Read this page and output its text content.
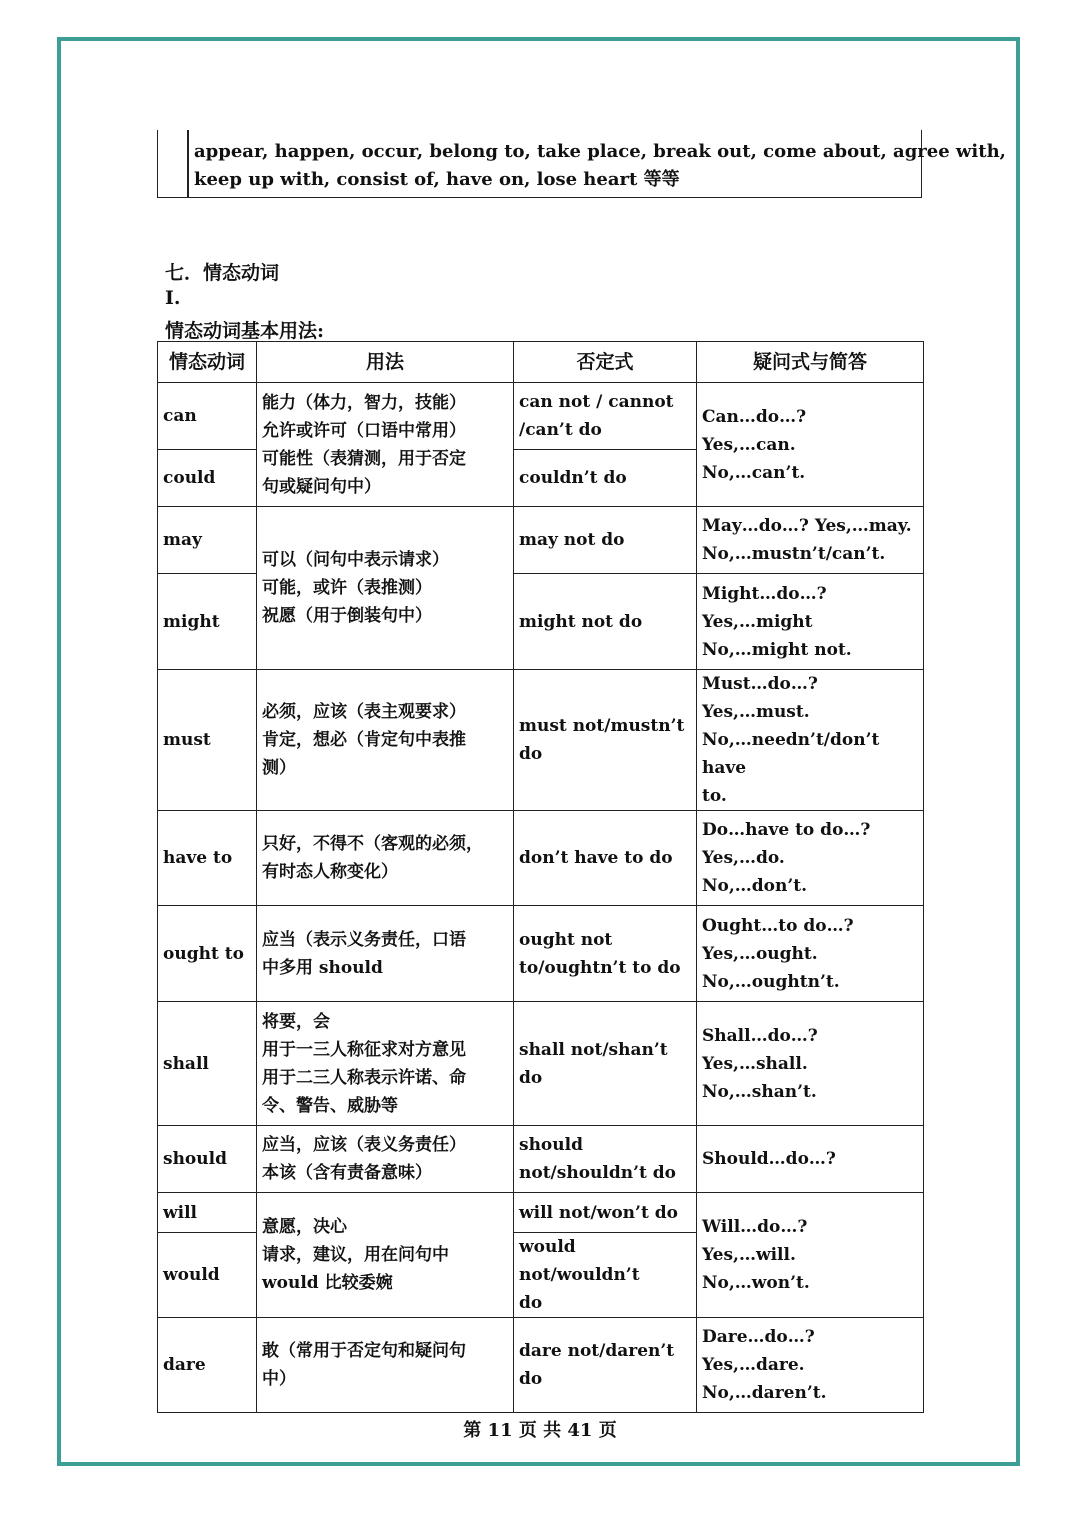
appear, happen, occur, belong to, take place, break out, come about, agree with,
keep up with, consist of, have on, lose heart 等等
七．情态动词
I.
情态动词基本用法:
情态动词	用法	否定式	疑问式与简答
can	能力（体力，智力，技能）
允许或许可（口语中常用）
可能性（表猜测，用于否定
句或疑问句中）	can not / cannot
/can’t do	Can…do…?
Yes,…can.
No,…can’t.
could		couldn’t do	
may	可以（问句中表示请求）
可能，或许（表推测）
祝愿（用于倒装句中）	may not do	May…do…? Yes,…may.
No,…mustn’t/can’t.
might		might not do	Might…do…?
Yes,…might
No,…might not.
must	必须，应该（表主观要求）
肯定，想必（肯定句中表推
测）	must not/mustn’t
do	Must…do…?
Yes,…must.
No,…needn’t/don’t have
to.
have to	只好，不得不（客观的必须，
有时态人称变化）	don’t have to do	Do…have to do…?
Yes,…do.
No,…don’t.
ought to	应当（表示义务责任，口语
中多用 should	ought not
to/oughtn’t to do	Ought…to do…?
Yes,…ought.
No,…oughtn’t.
shall	将要，会
用于一三人称征求对方意见
用于二三人称表示许诺、命
令、警告、威胁等	shall not/shan’t do	Shall…do…?
Yes,…shall.
No,…shan’t.
should	应当，应该（表义务责任）
本该（含有责备意味）	should
not/shouldn’t do	Should…do…?
will	意愿，决心
请求，建议，用在问句中
would 比较委婉	will not/won’t do	Will…do…?
Yes,…will.
No,…won’t.
would		would not/wouldn’t
do	
dare	敢（常用于否定句和疑问句
中）	dare not/daren’t do	Dare…do…?
Yes,…dare.
No,…daren’t.
第 11 页 共 41 页
